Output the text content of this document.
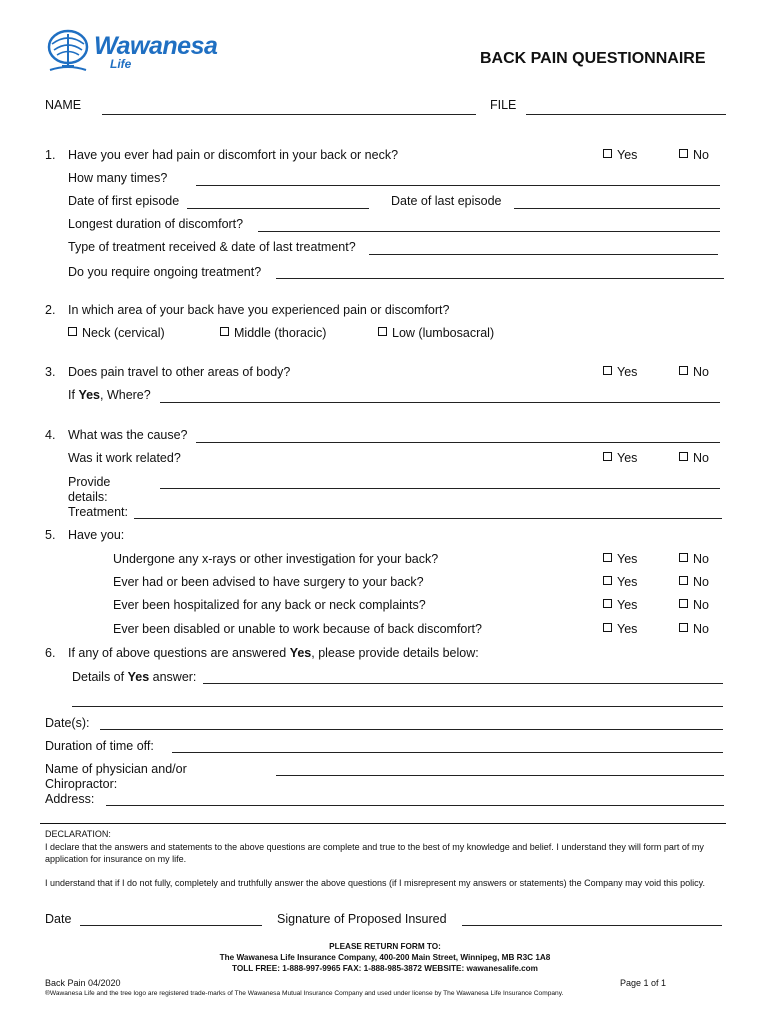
Wawanesa
Life	BACK PAIN QUESTIONNAIRE
NAME	FILE
1. Have you ever had pain or discomfort in your back or neck?	Yes	No
How many times?
Date of first episode	Date of last episode
Longest duration of discomfort?
Type of treatment received & date of last treatment?
Do you require ongoing treatment?
2. In which area of your back have you experienced pain or discomfort?
Neck (cervical)	Middle (thoracic)	Low (lumbosacral)
3. Does pain travel to other areas of body?	Yes	No
If Yes, Where?
4. What was the cause?
Was it work related?	Yes	No
Provide
details:
Treatment:
5. Have you:
Undergone any x-rays or other investigation for your back?	Yes	No
Ever had or been advised to have surgery to your back?	Yes	No
Ever been hospitalized for any back or neck complaints?	Yes	No
Ever been disabled or unable to work because of back discomfort?	Yes	No
6. If any of above questions are answered Yes, please provide details below:
Details of Yes answer:
Date(s):
Duration of time off:
Name of physician and/or
Chiropractor:
Address:
DECLARATION:
I declare that the answers and statements to the above questions are complete and true to the best of my knowledge and belief. I understand they will form part of my application for insurance on my life.
I understand that if I do not fully, completely and truthfully answer the above questions (if I misrepresent my answers or statements) the Company may void this policy.
Date	Signature of Proposed Insured
PLEASE RETURN FORM TO:
The Wawanesa Life Insurance Company, 400-200 Main Street, Winnipeg, MB R3C 1A8
TOLL FREE: 1-888-997-9965 FAX: 1-888-985-3872 WEBSITE: wawanesalife.com
Back Pain 04/2020	Page 1 of 1
®Wawanesa Life and the tree logo are registered trade-marks of The Wawanesa Mutual Insurance Company and used under license by The Wawanesa Life Insurance Company.
